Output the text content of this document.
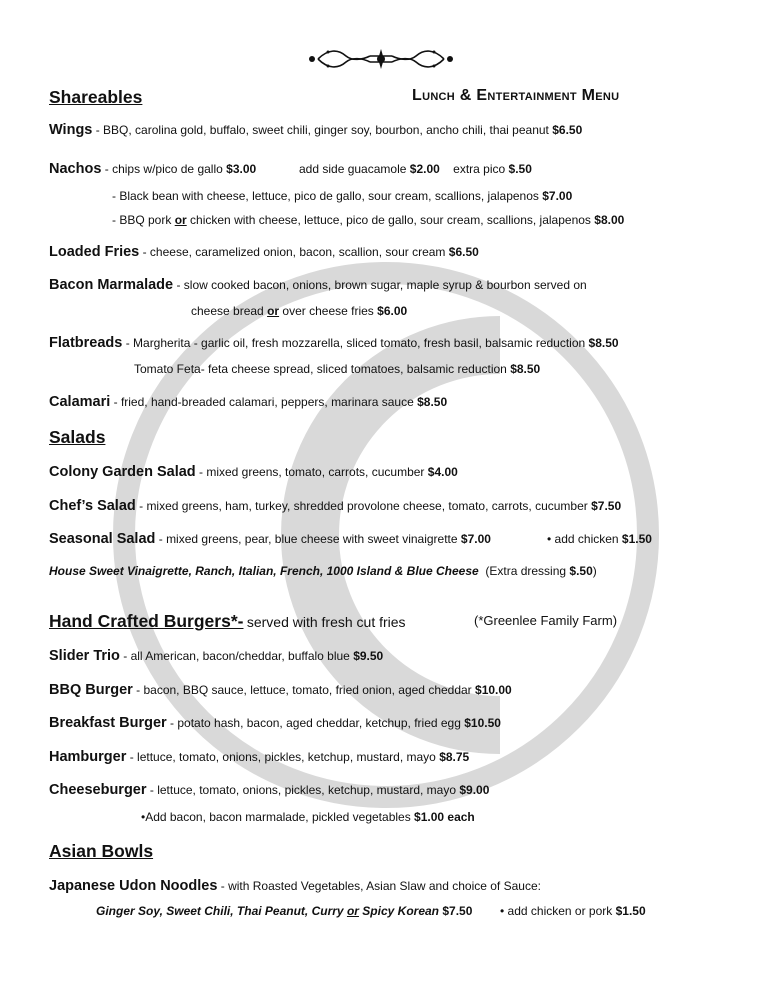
Lunch & Entertainment Menu
Shareables
Wings - BBQ, carolina gold, buffalo, sweet chili, ginger soy, bourbon, ancho chili, thai peanut $6.50
Nachos - chips w/pico de gallo $3.00	add side guacamole $2.00 extra pico $.50
- Black bean with cheese, lettuce, pico de gallo, sour cream, scallions, jalapenos $7.00
- BBQ pork or chicken with cheese, lettuce, pico de gallo, sour cream, scallions, jalapenos $8.00
Loaded Fries - cheese, caramelized onion, bacon, scallion, sour cream $6.50
Bacon Marmalade - slow cooked bacon, onions, brown sugar, maple syrup & bourbon served on
cheese bread or over cheese fries $6.00
Flatbreads - Margherita - garlic oil, fresh mozzarella, sliced tomato, fresh basil, balsamic reduction $8.50
Tomato Feta- feta cheese spread, sliced tomatoes, balsamic reduction $8.50
Calamari - fried, hand-breaded calamari, peppers, marinara sauce $8.50
Salads
Colony Garden Salad - mixed greens, tomato, carrots, cucumber $4.00
Chef’s Salad - mixed greens, ham, turkey, shredded provolone cheese, tomato, carrots, cucumber $7.50
Seasonal Salad - mixed greens, pear, blue cheese with sweet vinaigrette $7.00	• add chicken $1.50
House Sweet Vinaigrette, Ranch, Italian, French, 1000 Island & Blue Cheese (Extra dressing $.50)
Hand Crafted Burgers*- served with fresh cut fries	(*Greenlee Family Farm)
Slider Trio - all American, bacon/cheddar, buffalo blue $9.50
BBQ Burger - bacon, BBQ sauce, lettuce, tomato, fried onion, aged cheddar $10.00
Breakfast Burger - potato hash, bacon, aged cheddar, ketchup, fried egg $10.50
Hamburger - lettuce, tomato, onions, pickles, ketchup, mustard, mayo $8.75
Cheeseburger - lettuce, tomato, onions, pickles, ketchup, mustard, mayo $9.00
•Add bacon, bacon marmalade, pickled vegetables $1.00 each
Asian Bowls
Japanese Udon Noodles - with Roasted Vegetables, Asian Slaw and choice of Sauce:
Ginger Soy, Sweet Chili, Thai Peanut, Curry or Spicy Korean $7.50 • add chicken or pork $1.50
